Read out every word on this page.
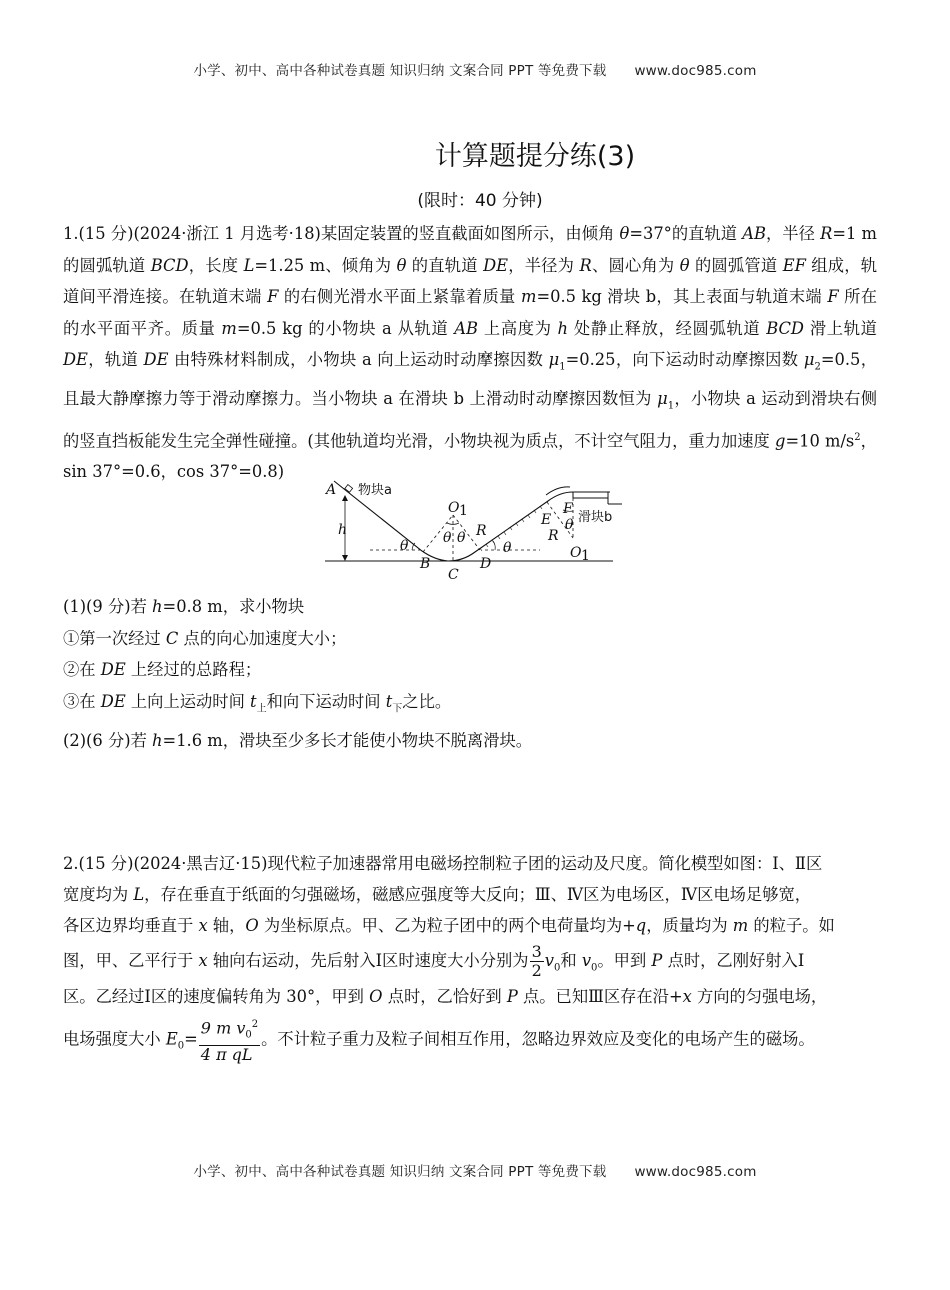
小学、初中、高中各种试卷真题 知识归纳 文案合同 PPT 等免费下载 www.doc985.com
计算题提分练(3)
(限时：40 分钟)
1.(15 分)(2024·浙江 1 月选考·18)某固定装置的竖直截面如图所示，由倾角 θ=37°的直轨道 AB，半径 R=1 m 的圆弧轨道 BCD，长度 L=1.25 m、倾角为 θ 的直轨道 DE，半径为 R、圆心角为 θ 的圆弧管道 EF 组成，轨道间平滑连接。在轨道末端 F 的右侧光滑水平面上紧靠着质量 m=0.5 kg 滑块 b，其上表面与轨道末端 F 所在的水平面平齐。质量 m=0.5 kg 的小物块 a 从轨道 AB 上高度为 h 处静止释放，经圆弧轨道 BCD 滑上轨道 DE，轨道 DE 由特殊材料制成，小物块 a 向上运动时动摩擦因数 $\mu_1=0.25$，向下运动时动摩擦因数 $\mu_2=0.5$，且最大静摩擦力等于滑动摩擦力。当小物块 a 在滑块 b 上滑动时动摩擦因数恒为 $\mu_1$，小物块 a 运动到滑块右侧的竖直挡板能发生完全弹性碰撞。(其他轨道均光滑，小物块视为质点，不计空气阻力，重力加速度 g=10 $m/s^2$，sin 37°=0.6，cos 37°=0.8)
A 物块a
h
θ
B
C
D
O 1
θ θ R
θ
E
F
θ
R
O 1
滑块b
(1)(9 分)若 h=0.8 m，求小物块
①第一次经过 C 点的向心加速度大小；
②在 DE 上经过的总路程；
③在 DE 上向上运动时间 $t_上$和向下运动时间 $t_下$之比。
(2)(6 分)若 h=1.6 m，滑块至少多长才能使小物块不脱离滑块。
2.(15 分)(2024·黑吉辽·15)现代粒子加速器常用电磁场控制粒子团的运动及尺度。简化模型如图：Ⅰ、Ⅱ区
宽度均为 L，存在垂直于纸面的匀强磁场，磁感应强度等大反向；Ⅲ、Ⅳ区为电场区，Ⅳ区电场足够宽，
各区边界均垂直于 x 轴，O 为坐标原点。甲、乙为粒子团中的两个电荷量均为+q，质量均为 m 的粒子。如
图，甲、乙平行于 x 轴向右运动，先后射入Ⅰ区时速度大小分别为 $\frac{3}{2} v_0$和 $v_0$。甲到 P 点时，乙刚好射入Ⅰ
区。乙经过Ⅰ区的速度偏转角为 30°，甲到 O 点时，乙恰好到 P 点。已知Ⅲ区存在沿+x 方向的匀强电场，
电场强度大小 $E_0= \frac{9 m v_0^2}{\text{4 π qL}}$ 。不计粒子重力及粒子间相互作用，忽略边界效应及变化的电场产生的磁场。
小学、初中、高中各种试卷真题 知识归纳 文案合同 PPT 等免费下载 www.doc985.com
